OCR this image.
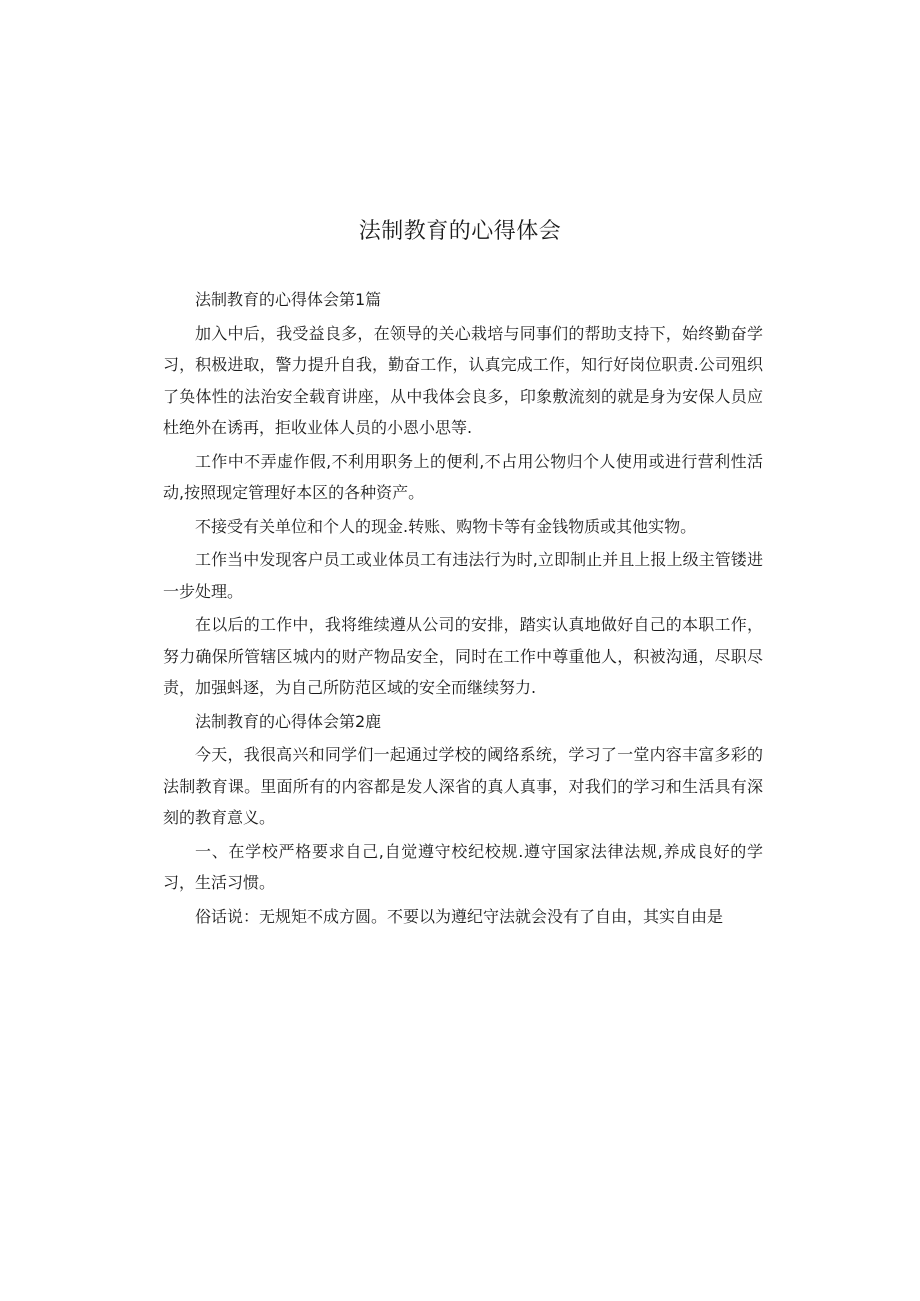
法制教育的心得体会

法制教育的心得体会第1篇

加入中后，我受益良多，在领导的关心栽培与同事们的帮助支持下，始终勤奋学习，积极进取，警力提升自我，勤奋工作，认真完成工作，知行好岗位职责.公司殂织了奂体性的法治安全载育讲座，从中我体会良多，印象敷流刻的就是身为安保人员应杜绝外在诱再，拒收业体人员的小恩小思等.

工作中不弄虚作假,不利用职务上的便利,不占用公物归个人使用或进行营利性活动,按照现定管理好本区的各种资产。

不接受有关单位和个人的现金.转账、购物卡等有金钱物质或其他实物。

工作当中发现客户员工或业体员工有违法行为时,立即制止并且上报上级主管镂进一步处理。

在以后的工作中，我将维续遵从公司的安排，踏实认真地做好自己的本职工作，努力确保所管辖区城内的财产物品安全，同时在工作中尊重他人，积被沟通，尽职尽责，加强蚪逐，为自己所防范区域的安全而继续努力.

法制教育的心得体会第2鹿

今天，我很高兴和同学们一起通过学校的阈络系统，学习了一堂内容丰富多彩的法制教育课。里面所有的内容都是发人深省的真人真事，对我们的学习和生活具有深刻的教育意义。

一、在学校严格要求自己,自觉遵守校纪校规.遵守国家法律法规,养成良好的学习，生活习惯。

俗话说：无规矩不成方圆。不要以为遵纪守法就会没有了自由，其实自由是
